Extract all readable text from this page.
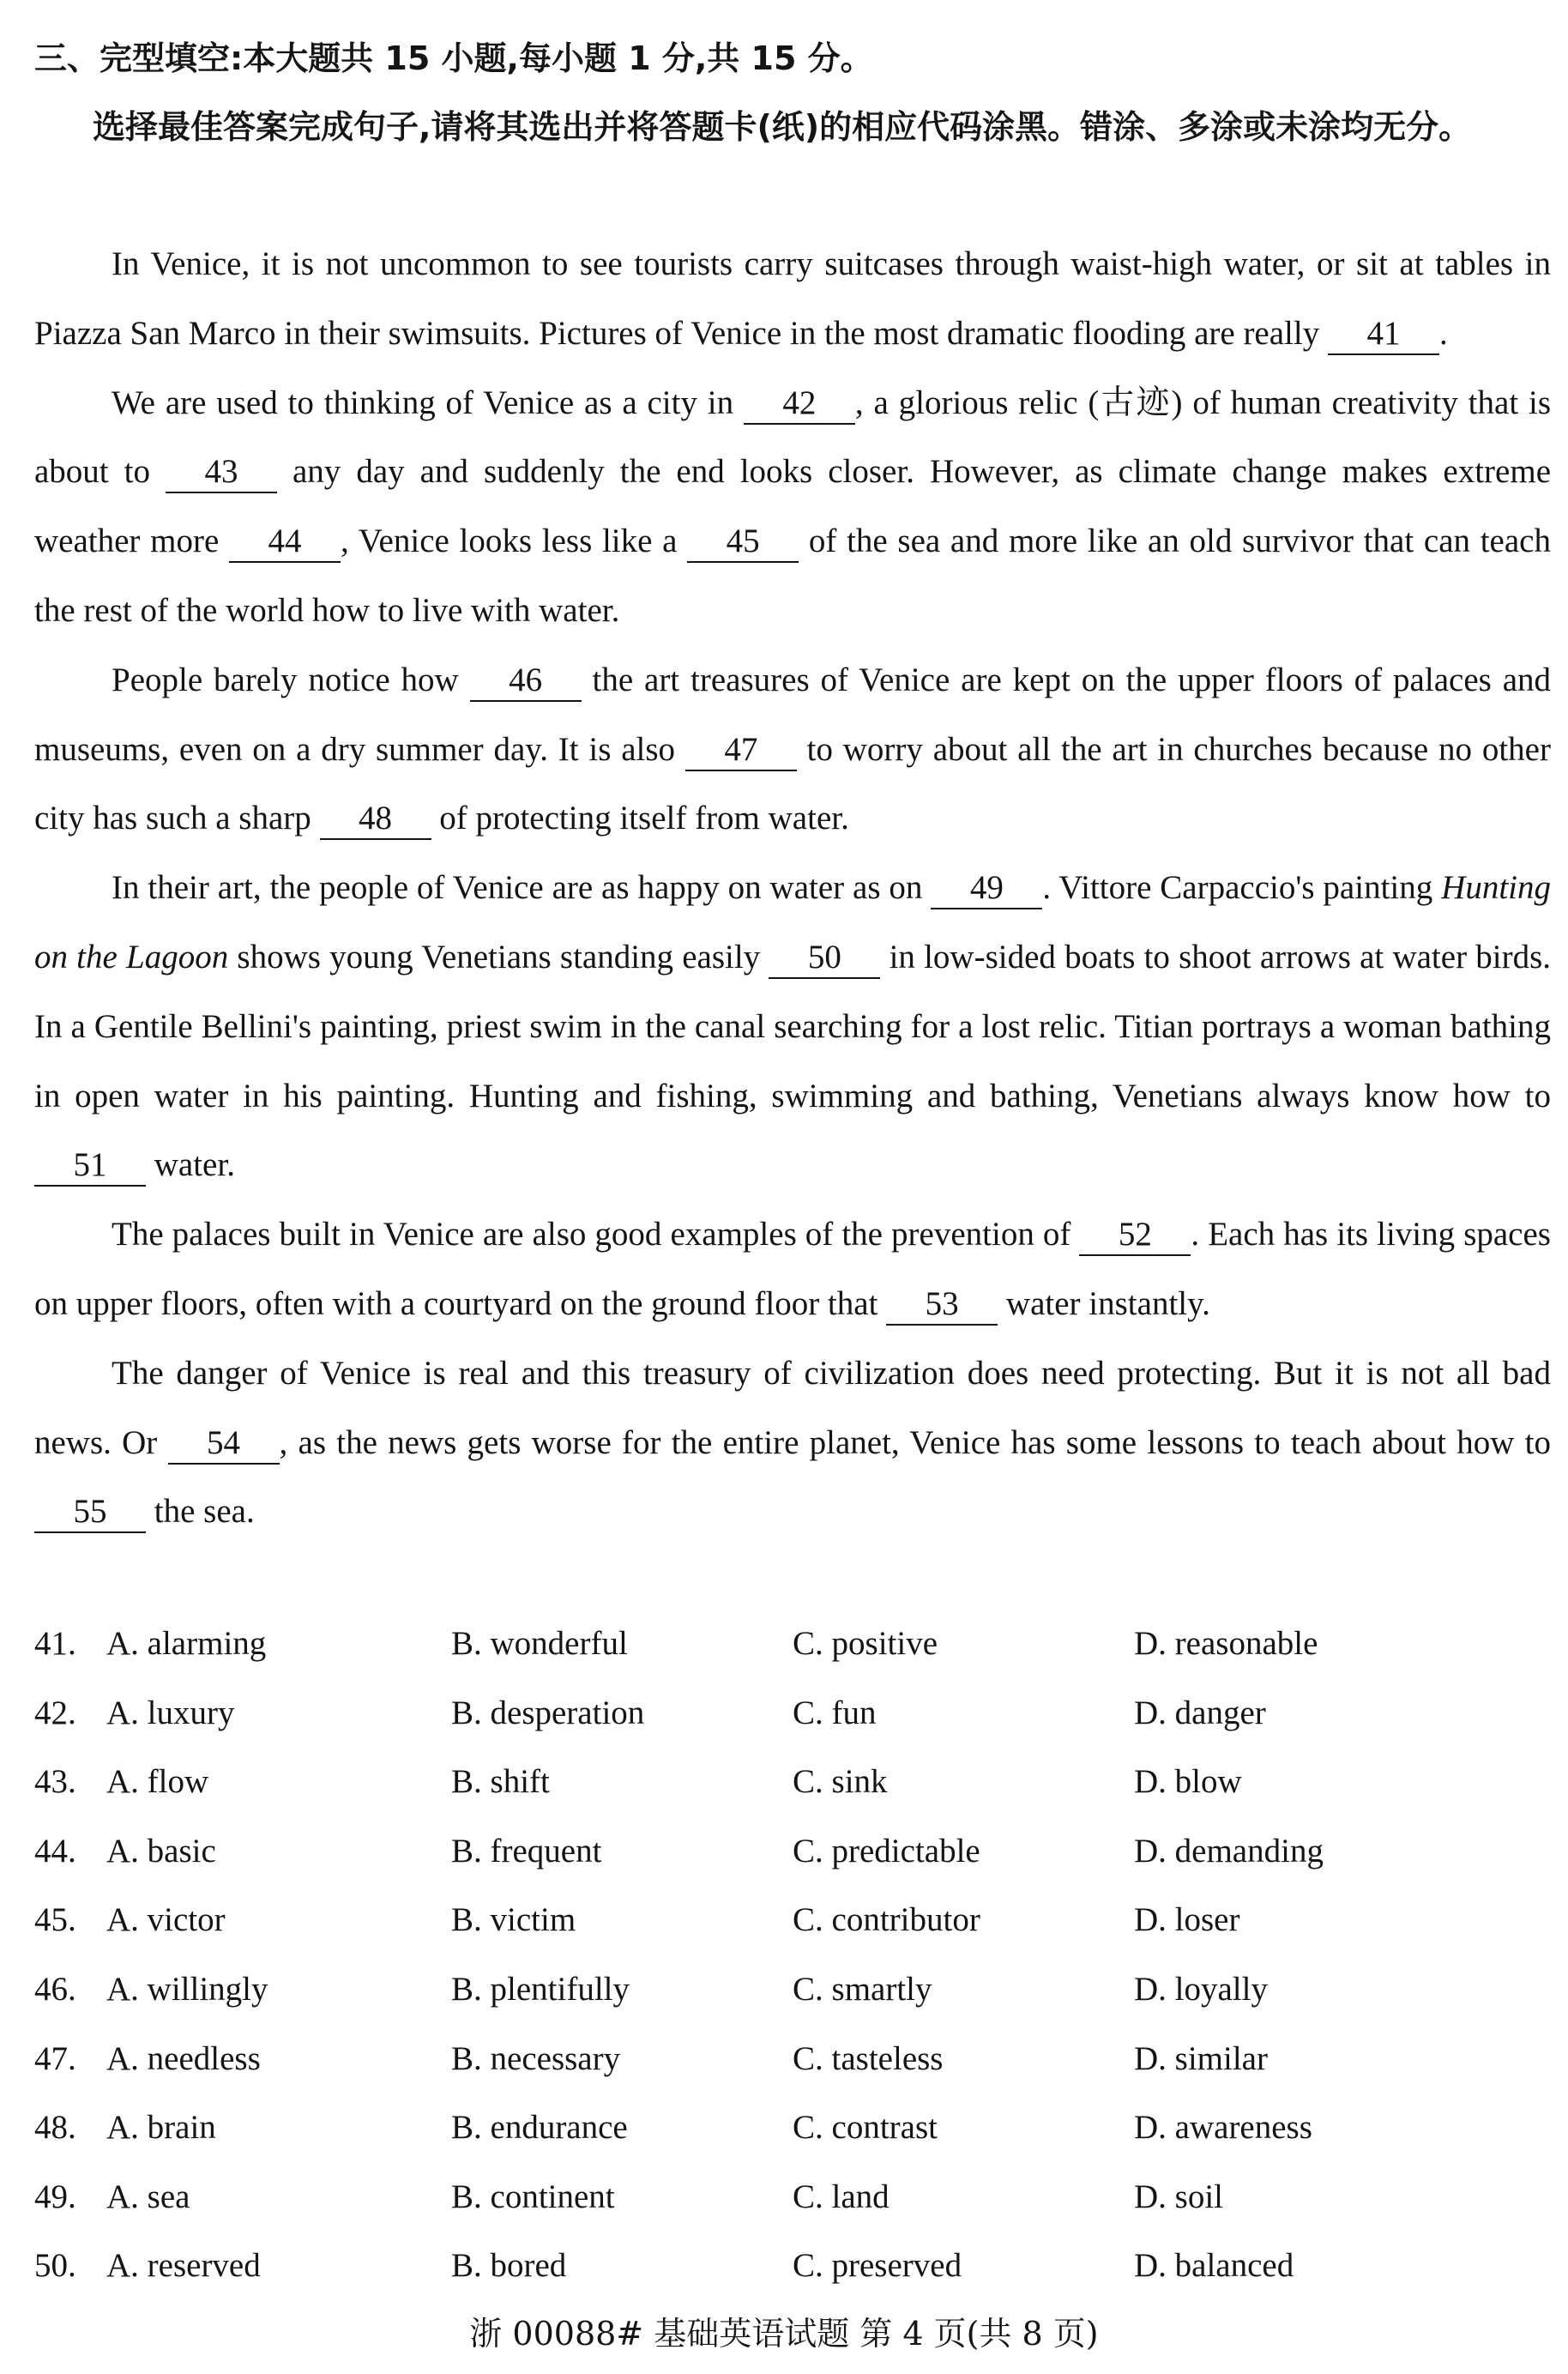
三、完型填空:本大题共 15 小题,每小题 1 分,共 15 分。
选择最佳答案完成句子,请将其选出并将答题卡(纸)的相应代码涂黑。错涂、多涂或未涂均无分。

In Venice, it is not uncommon to see tourists carry suitcases through waist-high water, or sit at tables in Piazza San Marco in their swimsuits. Pictures of Venice in the most dramatic flooding are really 41 .

We are used to thinking of Venice as a city in 42 , a glorious relic (古迹) of human creativity that is about to 43 any day and suddenly the end looks closer. However, as climate change makes extreme weather more 44 , Venice looks less like a 45 of the sea and more like an old survivor that can teach the rest of the world how to live with water.

People barely notice how 46 the art treasures of Venice are kept on the upper floors of palaces and museums, even on a dry summer day. It is also 47 to worry about all the art in churches because no other city has such a sharp 48 of protecting itself from water.

In their art, the people of Venice are as happy on water as on 49 . Vittore Carpaccio's painting Hunting on the Lagoon shows young Venetians standing easily 50 in low-sided boats to shoot arrows at water birds. In a Gentile Bellini's painting, priest swim in the canal searching for a lost relic. Titian portrays a woman bathing in open water in his painting. Hunting and fishing, swimming and bathing, Venetians always know how to 51 water.

The palaces built in Venice are also good examples of the prevention of 52 . Each has its living spaces on upper floors, often with a courtyard on the ground floor that 53 water instantly.

The danger of Venice is real and this treasury of civilization does need protecting. But it is not all bad news. Or 54 , as the news gets worse for the entire planet, Venice has some lessons to teach about how to 55 the sea.

41. A. alarming	B. wonderful	C. positive	D. reasonable
42. A. luxury	B. desperation	C. fun	D. danger
43. A. flow	B. shift	C. sink	D. blow
44. A. basic	B. frequent	C. predictable	D. demanding
45. A. victor	B. victim	C. contributor	D. loser
46. A. willingly	B. plentifully	C. smartly	D. loyally
47. A. needless	B. necessary	C. tasteless	D. similar
48. A. brain	B. endurance	C. contrast	D. awareness
49. A. sea	B. continent	C. land	D. soil
50. A. reserved	B. bored	C. preserved	D. balanced
浙 00088# 基础英语试题 第 4 页(共 8 页)
